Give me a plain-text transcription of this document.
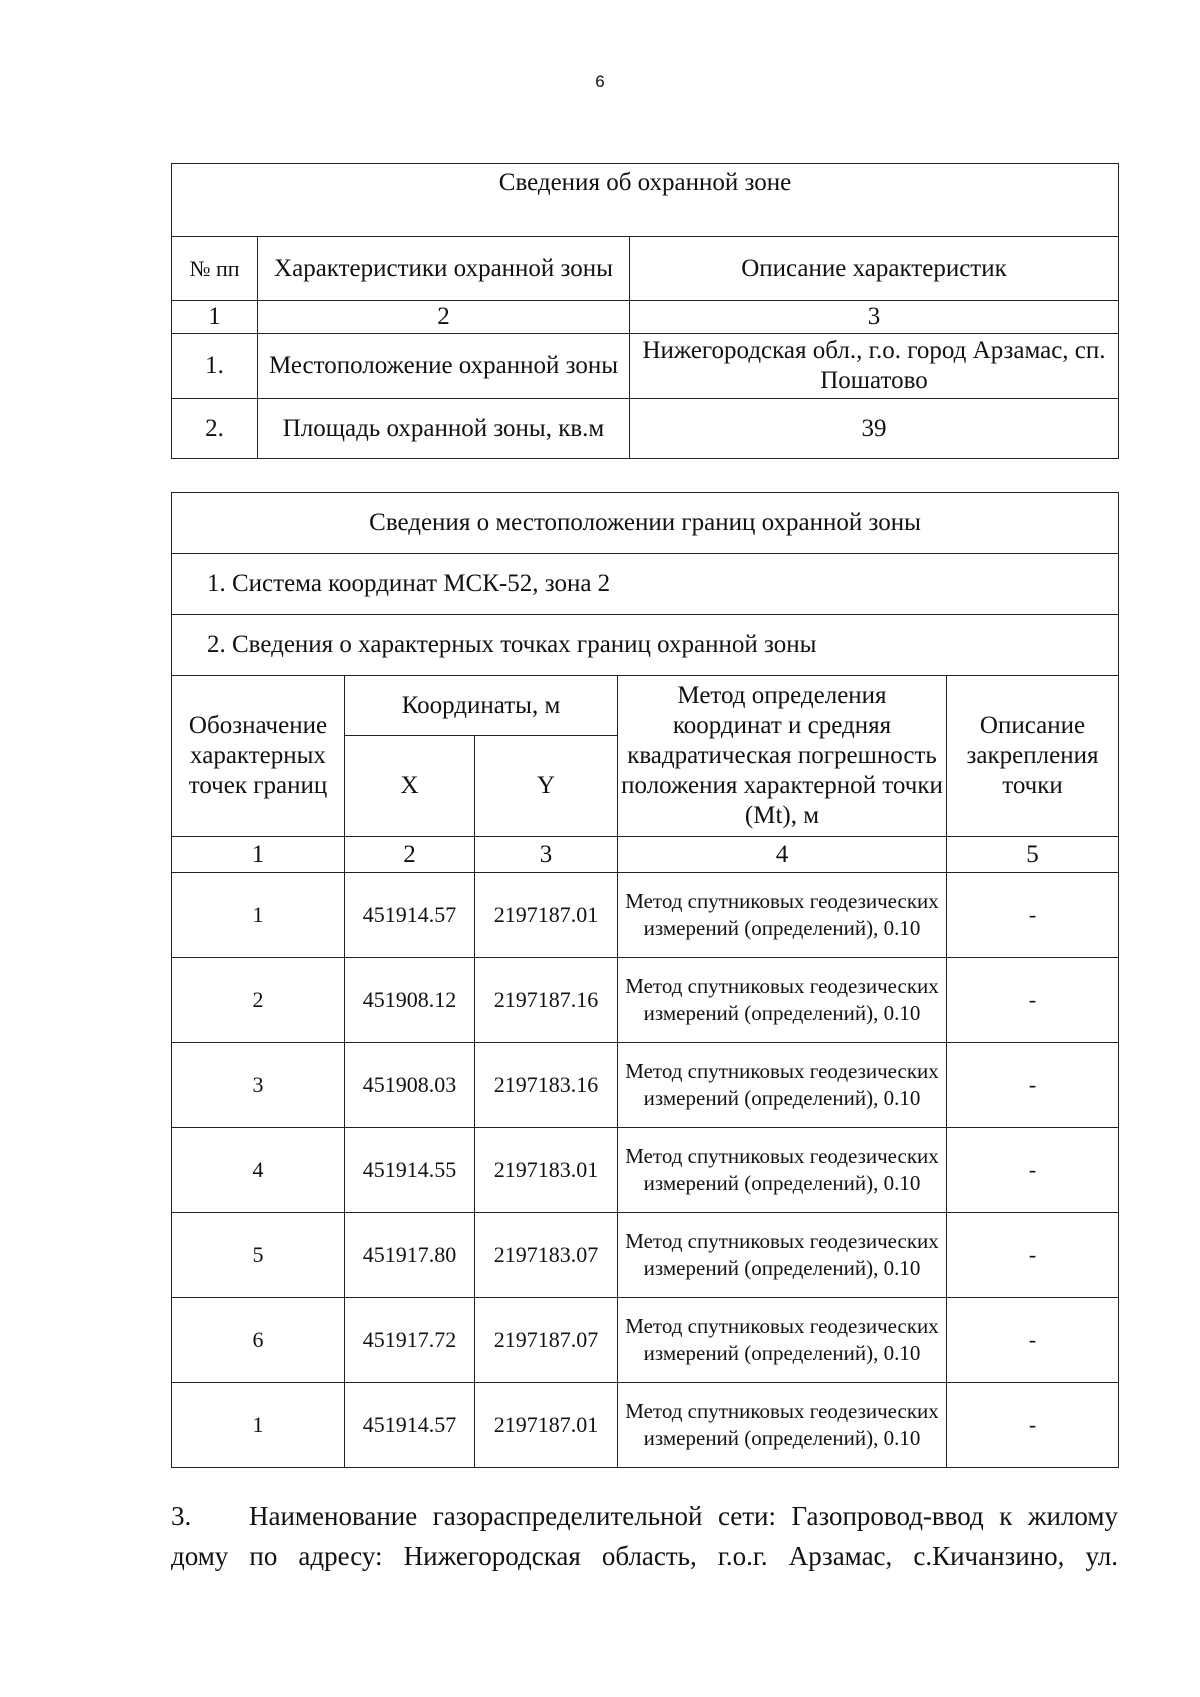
6
Сведения об охранной зоне		
№ пп	Характеристики охранной зоны	Описание характеристик
1	2	3
1.	Местоположение охранной зоны	Нижегородская обл., г.о. город Арзамас, сп. Пошатово
2.	Площадь охранной зоны, кв.м	39
Сведения о местоположении границ охранной зоны				
1. Система координат МСК-52, зона 2				
2. Сведения о характерных точках границ охранной зоны				
Обозначение характерных точек границ	Координаты, м		Метод определения координат и средняя квадратическая погрешность положения характерной точки (Mt), м	Описание закрепления точки
	X	Y		
1	2	3	4	5
1	451914.57	2197187.01	Метод спутниковых геодезических измерений (определений), 0.10	-
2	451908.12	2197187.16	Метод спутниковых геодезических измерений (определений), 0.10	-
3	451908.03	2197183.16	Метод спутниковых геодезических измерений (определений), 0.10	-
4	451914.55	2197183.01	Метод спутниковых геодезических измерений (определений), 0.10	-
5	451917.80	2197183.07	Метод спутниковых геодезических измерений (определений), 0.10	-
6	451917.72	2197187.07	Метод спутниковых геодезических измерений (определений), 0.10	-
1	451914.57	2197187.01	Метод спутниковых геодезических измерений (определений), 0.10	-
3. Наименование газораспределительной сети: Газопровод-ввод к жилому дому по адресу: Нижегородская область, г.о.г. Арзамас, с.Кичанзино, ул.
